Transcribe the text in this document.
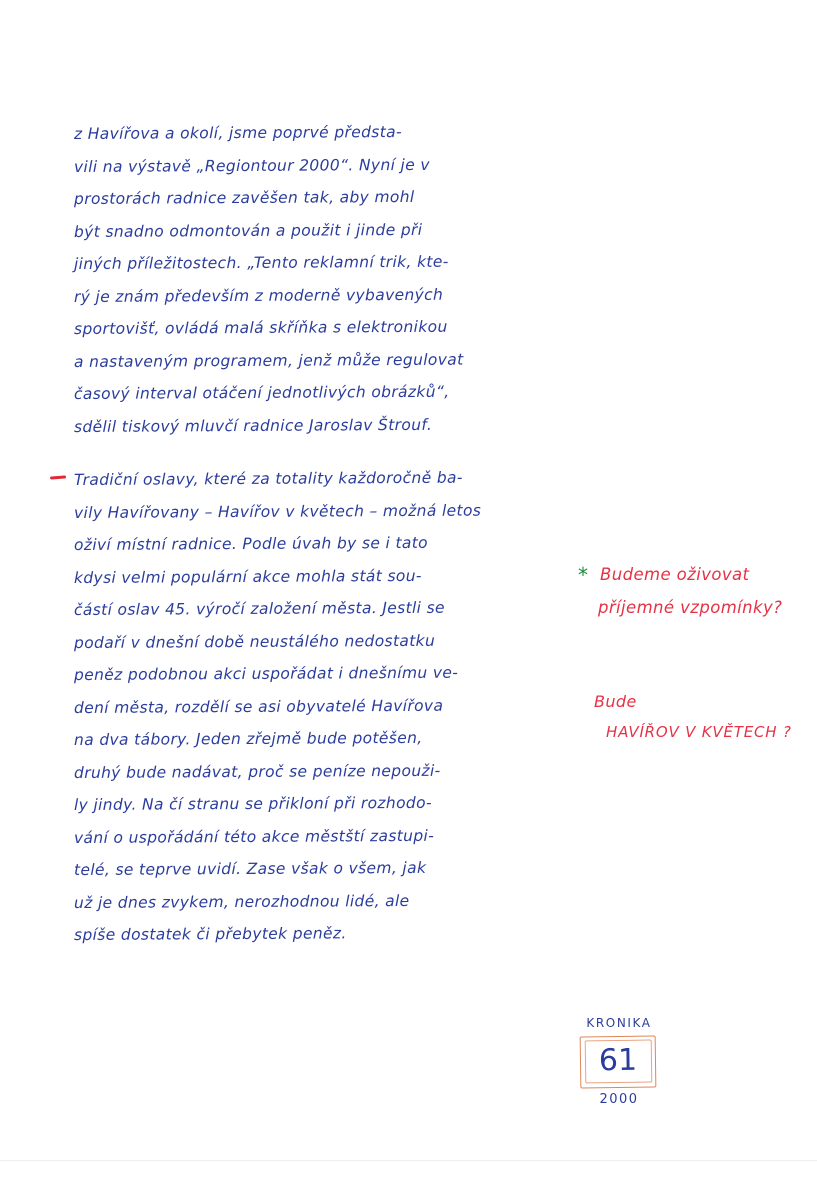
z Havířova a okolí, jsme poprvé předsta-
vili na výstavě „Regiontour 2000“. Nyní je v
prostorách radnice zavěšen tak, aby mohl
být snadno odmontován a použit i jinde při
jiných příležitostech. „Tento reklamní trik, kte-
rý je znám především z moderně vybavených
sportovišť, ovládá malá skříňka s elektronikou
a nastaveným programem, jenž může regulovat
časový interval otáčení jednotlivých obrázků“,
sdělil tiskový mluvčí radnice Jaroslav Štrouf.
Tradiční oslavy, které za totality každoročně ba-
vily Havířovany – Havířov v květech – možná letos
oživí místní radnice. Podle úvah by se i tato
kdysi velmi populární akce mohla stát sou-
částí oslav 45. výročí založení města. Jestli se
podaří v dnešní době neustálého nedostatku
peněz podobnou akci uspořádat i dnešnímu ve-
dení města, rozdělí se asi obyvatelé Havířova
na dva tábory. Jeden zřejmě bude potěšen,
druhý bude nadávat, proč se peníze nepouži-
ly jindy. Na čí stranu se přikloní při rozhodo-
vání o uspořádání této akce městští zastupi-
telé, se teprve uvidí. Zase však o všem, jak
už je dnes zvykem, nerozhodnou lidé, ale
spíše dostatek či přebytek peněz.
* Budeme oživovat
příjemné vzpomínky?
Bude
HAVÍŘOV V KVĚTECH ?
KRONIKA
61
2000
